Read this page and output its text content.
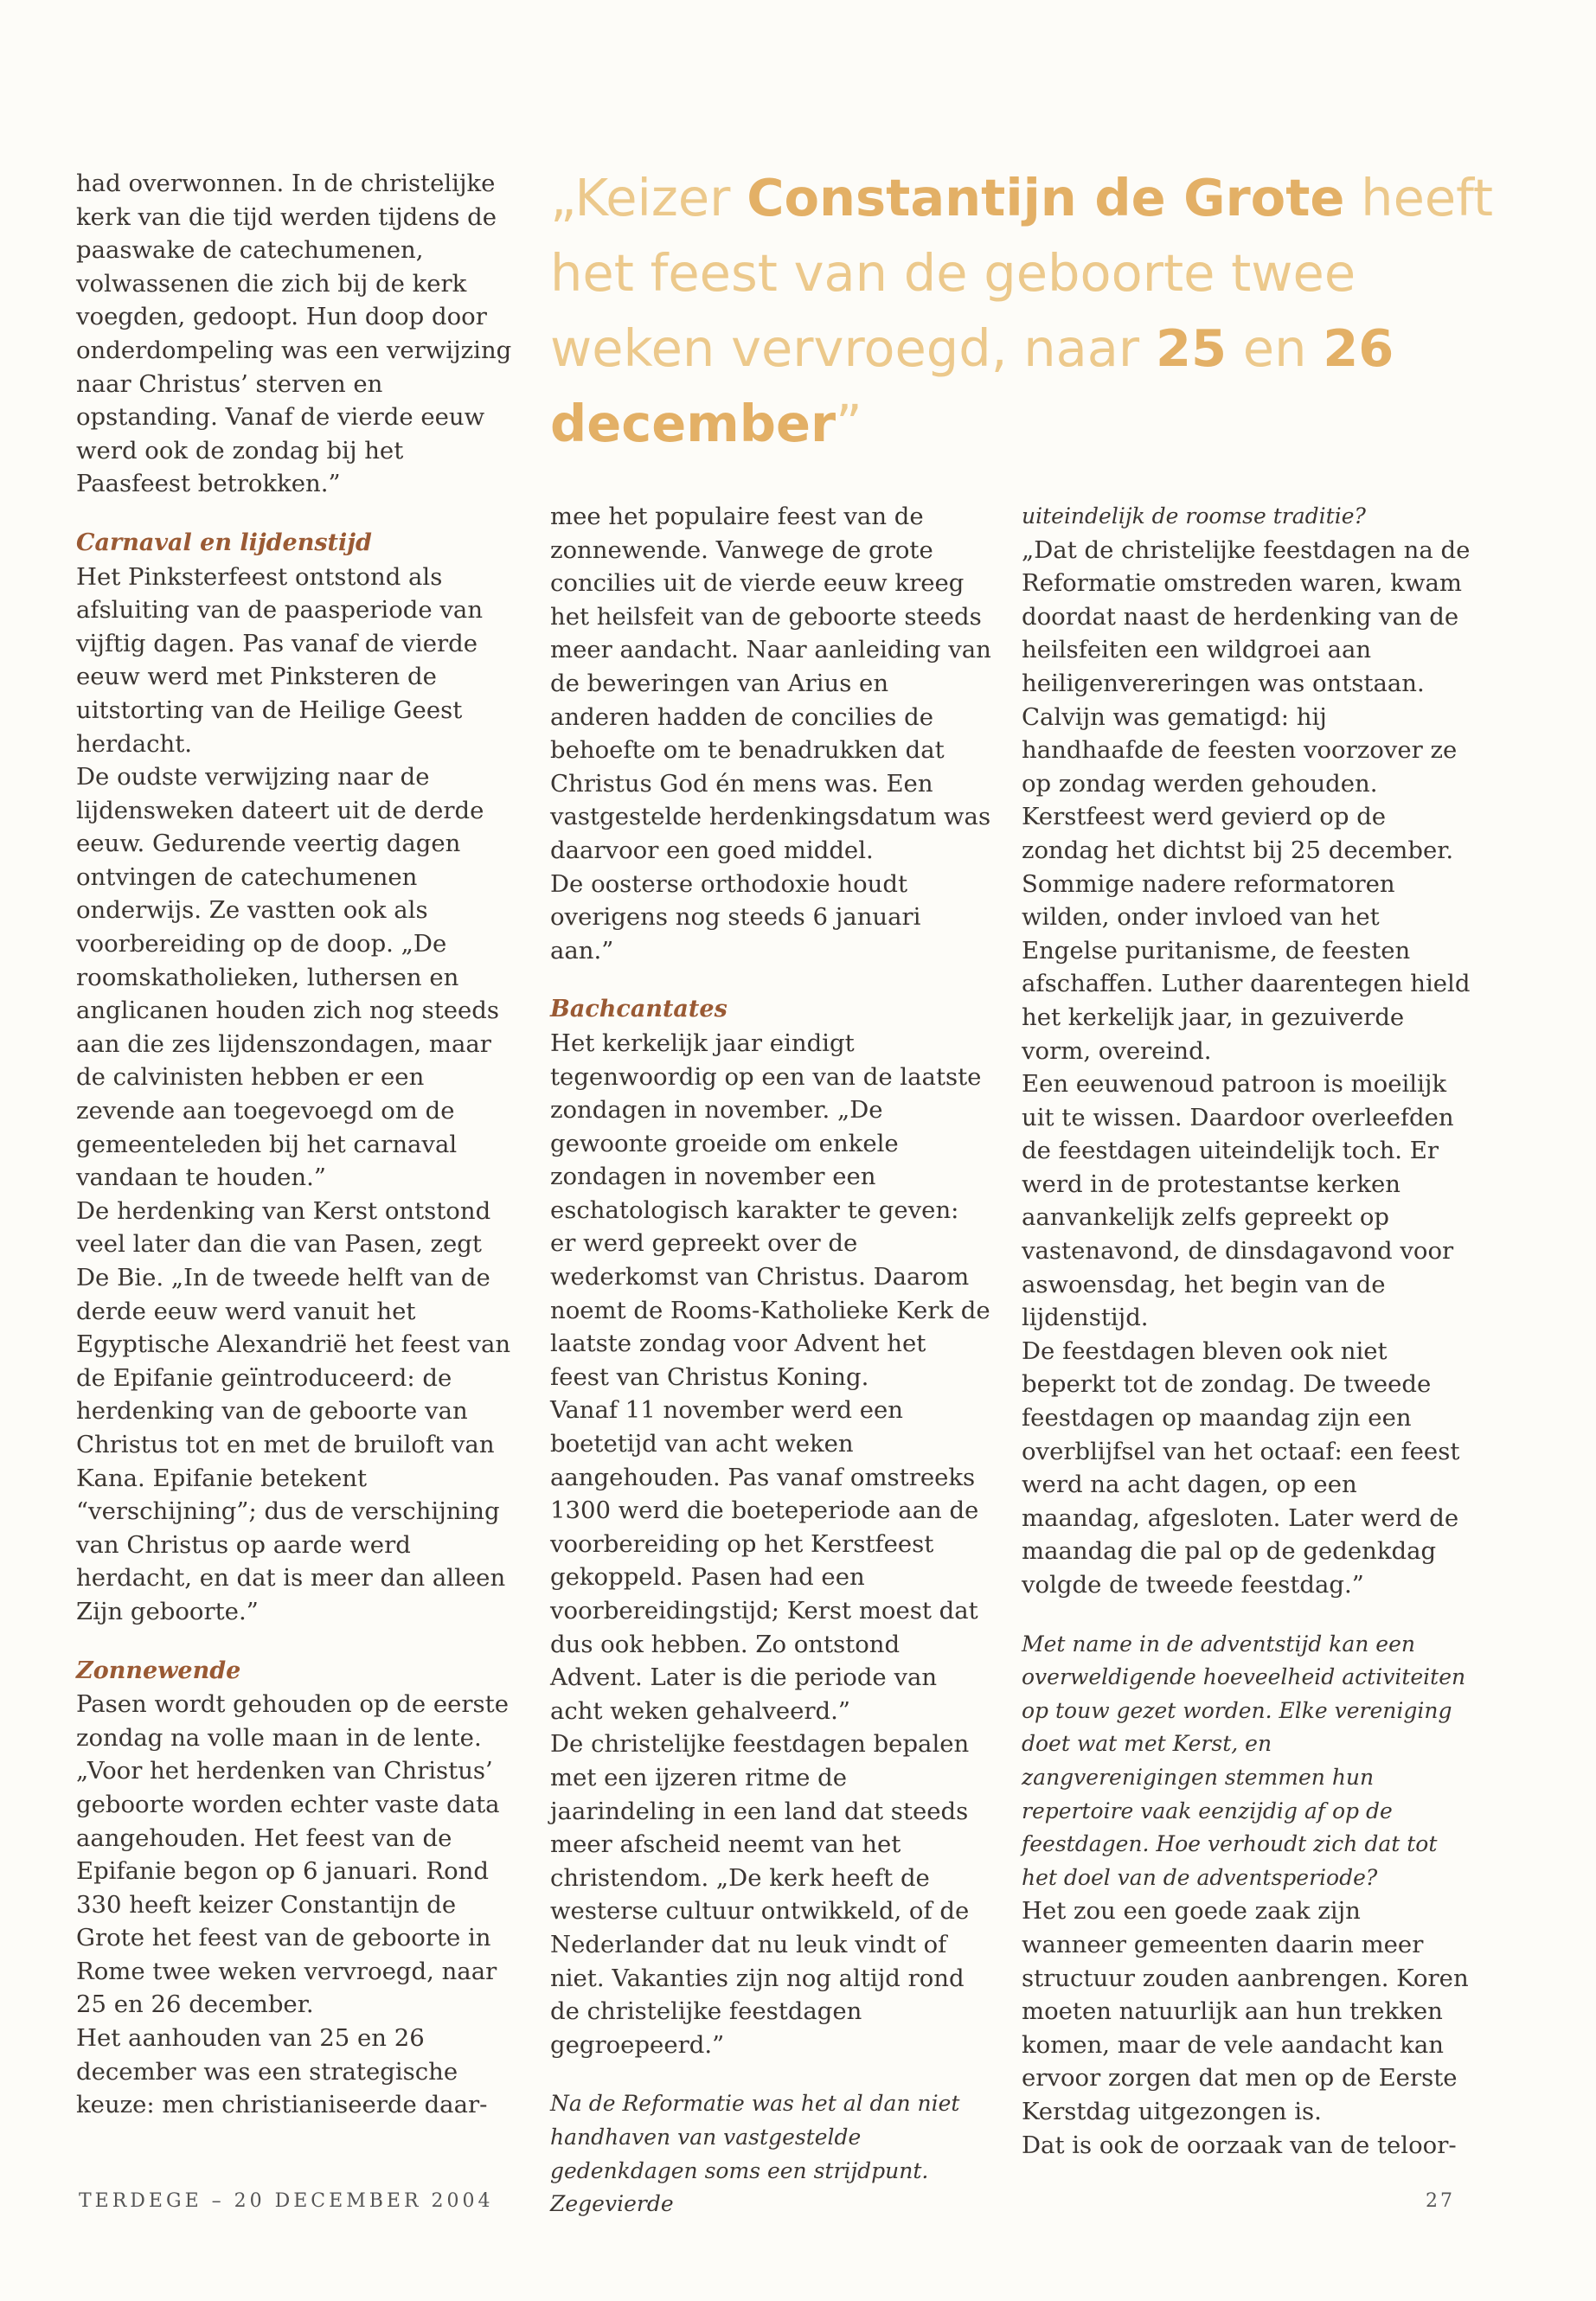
„Keizer Constantijn de Grote heeft het feest van de geboorte twee weken vervroegd, naar 25 en 26 december”

had overwonnen. In de christelijke kerk van die tijd werden tijdens de paaswake de catechumenen, volwassenen die zich bij de kerk voegden, gedoopt. Hun doop door onderdompeling was een verwijzing naar Christus’ sterven en opstanding. Vanaf de vierde eeuw werd ook de zondag bij het Paasfeest betrokken.”

Carnaval en lijdenstijd

Het Pinksterfeest ontstond als afsluiting van de paasperiode van vijftig dagen. Pas vanaf de vierde eeuw werd met Pinksteren de uitstorting van de Heilige Geest herdacht.

De oudste verwijzing naar de lijdensweken dateert uit de derde eeuw. Gedurende veertig dagen ontvingen de catechumenen onderwijs. Ze vastten ook als voorbereiding op de doop. „De roomskatholieken, luthersen en anglicanen houden zich nog steeds aan die zes lijdenszondagen, maar de calvinisten hebben er een zevende aan toegevoegd om de gemeenteleden bij het carnaval vandaan te houden.”

De herdenking van Kerst ontstond veel later dan die van Pasen, zegt De Bie. „In de tweede helft van de derde eeuw werd vanuit het Egyptische Alexandrië het feest van de Epifanie geïntroduceerd: de herdenking van de geboorte van Christus tot en met de bruiloft van Kana. Epifanie betekent “verschijning”; dus de verschijning van Christus op aarde werd herdacht, en dat is meer dan alleen Zijn geboorte.”

Zonnewende

Pasen wordt gehouden op de eerste zondag na volle maan in de lente. „Voor het herdenken van Christus’ geboorte worden echter vaste data aangehouden. Het feest van de Epifanie begon op 6 januari. Rond 330 heeft keizer Constantijn de Grote het feest van de geboorte in Rome twee weken vervroegd, naar 25 en 26 december.

Het aanhouden van 25 en 26 december was een strategische keuze: men christianiseerde daar-

mee het populaire feest van de zonnewende. Vanwege de grote concilies uit de vierde eeuw kreeg het heilsfeit van de geboorte steeds meer aandacht. Naar aanleiding van de beweringen van Arius en anderen hadden de concilies de behoefte om te benadrukken dat Christus God én mens was. Een vastgestelde herdenkingsdatum was daarvoor een goed middel.

De oosterse orthodoxie houdt overigens nog steeds 6 januari aan.”

Bachcantates

Het kerkelijk jaar eindigt tegenwoordig op een van de laatste zondagen in november. „De gewoonte groeide om enkele zondagen in november een eschatologisch karakter te geven: er werd gepreekt over de wederkomst van Christus. Daarom noemt de Rooms-Katholieke Kerk de laatste zondag voor Advent het feest van Christus Koning.

Vanaf 11 november werd een boetetijd van acht weken aangehouden. Pas vanaf omstreeks 1300 werd die boeteperiode aan de voorbereiding op het Kerstfeest gekoppeld. Pasen had een voorbereidingstijd; Kerst moest dat dus ook hebben. Zo ontstond Advent. Later is die periode van acht weken gehalveerd.”

De christelijke feestdagen bepalen met een ijzeren ritme de jaarindeling in een land dat steeds meer afscheid neemt van het christendom. „De kerk heeft de westerse cultuur ontwikkeld, of de Nederlander dat nu leuk vindt of niet. Vakanties zijn nog altijd rond de christelijke feestdagen gegroepeerd.”

Na de Reformatie was het al dan niet handhaven van vastgestelde gedenkdagen soms een strijdpunt. Zegevierde

uiteindelijk de roomse traditie?

„Dat de christelijke feestdagen na de Reformatie omstreden waren, kwam doordat naast de herdenking van de heilsfeiten een wildgroei aan heiligenvereringen was ontstaan. Calvijn was gematigd: hij handhaafde de feesten voorzover ze op zondag werden gehouden. Kerstfeest werd gevierd op de zondag het dichtst bij 25 december. Sommige nadere reformatoren wilden, onder invloed van het Engelse puritanisme, de feesten afschaffen. Luther daarentegen hield het kerkelijk jaar, in gezuiverde vorm, overeind.

Een eeuwenoud patroon is moeilijk uit te wissen. Daardoor overleefden de feestdagen uiteindelijk toch. Er werd in de protestantse kerken aanvankelijk zelfs gepreekt op vastenavond, de dinsdagavond voor aswoensdag, het begin van de lijdenstijd.

De feestdagen bleven ook niet beperkt tot de zondag. De tweede feestdagen op maandag zijn een overblijfsel van het octaaf: een feest werd na acht dagen, op een maandag, afgesloten. Later werd de maandag die pal op de gedenkdag volgde de tweede feestdag.”

Met name in de adventstijd kan een overweldigende hoeveelheid activiteiten op touw gezet worden. Elke vereniging doet wat met Kerst, en zangverenigingen stemmen hun repertoire vaak eenzijdig af op de feestdagen. Hoe verhoudt zich dat tot het doel van de adventsperiode?

Het zou een goede zaak zijn wanneer gemeenten daarin meer structuur zouden aanbrengen. Koren moeten natuurlijk aan hun trekken komen, maar de vele aandacht kan ervoor zorgen dat men op de Eerste Kerstdag uitgezongen is.

Dat is ook de oorzaak van de teloor-

TERDEGE – 20 DECEMBER 2004	27
